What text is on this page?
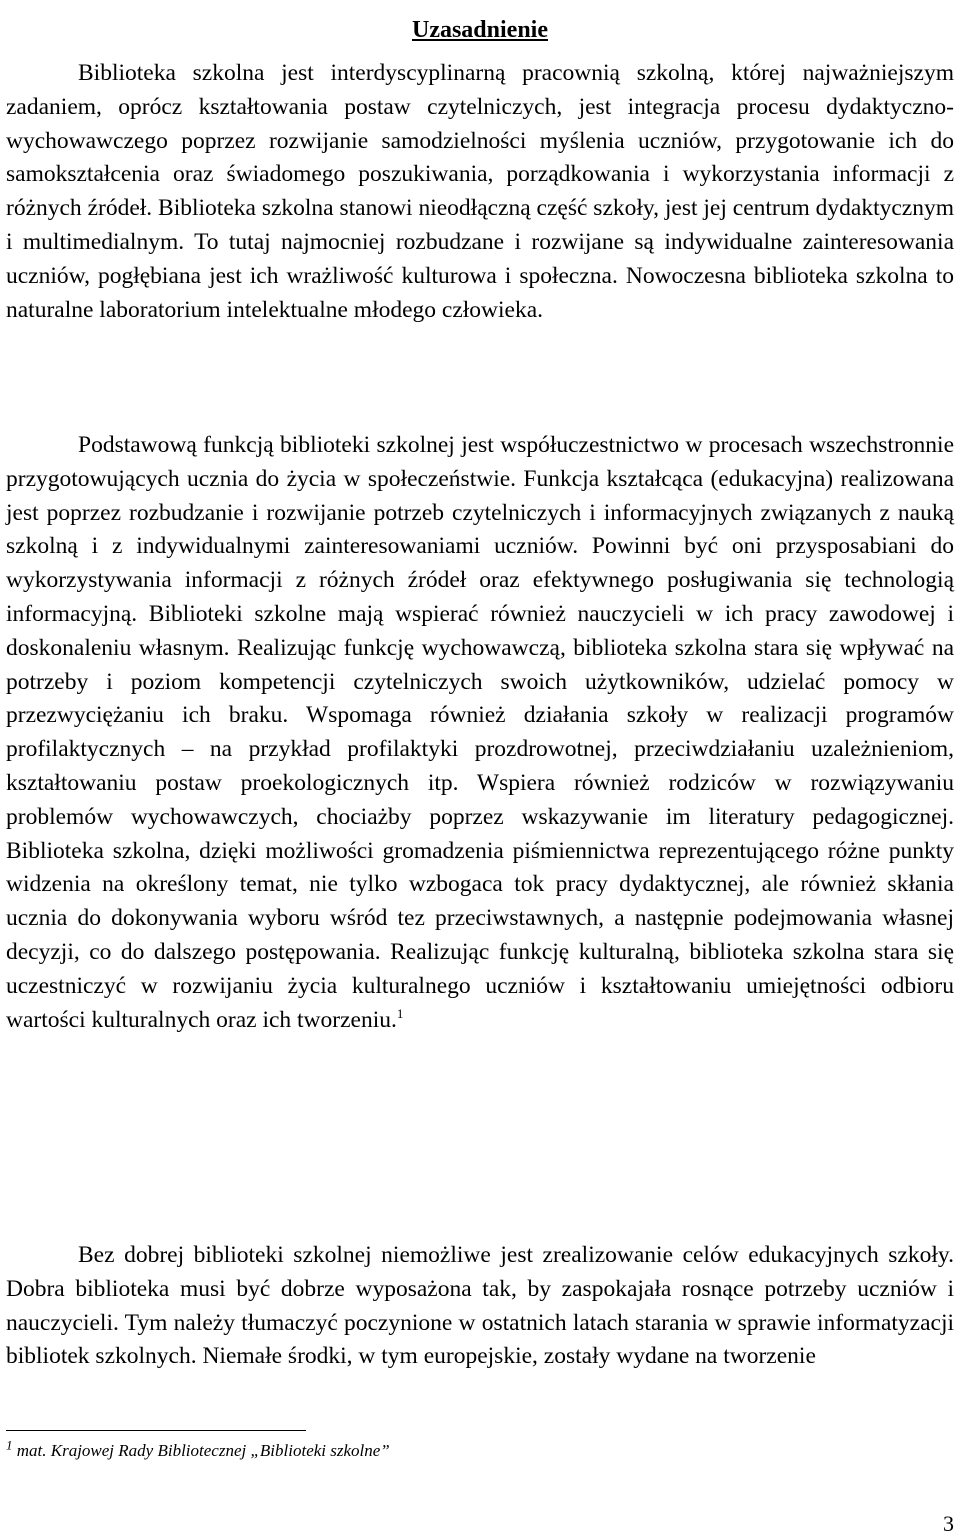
Uzasadnienie

Biblioteka szkolna jest interdyscyplinarną pracownią szkolną, której najważniejszym zadaniem, oprócz kształtowania postaw czytelniczych, jest integracja procesu dydaktyczno-wychowawczego poprzez rozwijanie samodzielności myślenia uczniów, przygotowanie ich do samokształcenia oraz świadomego poszukiwania, porządkowania i wykorzystania informacji z różnych źródeł. Biblioteka szkolna stanowi nieodłączną część szkoły, jest jej centrum dydaktycznym i multimedialnym. To tutaj najmocniej rozbudzane i rozwijane są indywidualne zainteresowania uczniów, pogłębiana jest ich wrażliwość kulturowa i społeczna. Nowoczesna biblioteka szkolna to naturalne laboratorium intelektualne młodego człowieka.

Podstawową funkcją biblioteki szkolnej jest współuczestnictwo w procesach wszechstronnie przygotowujących ucznia do życia w społeczeństwie. Funkcja kształcąca (edukacyjna) realizowana jest poprzez rozbudzanie i rozwijanie potrzeb czytelniczych i informacyjnych związanych z nauką szkolną i z indywidualnymi zainteresowaniami uczniów. Powinni być oni przysposabiani do wykorzystywania informacji z różnych źródeł oraz efektywnego posługiwania się technologią informacyjną. Biblioteki szkolne mają wspierać również nauczycieli w ich pracy zawodowej i doskonaleniu własnym. Realizując funkcję wychowawczą, biblioteka szkolna stara się wpływać na potrzeby i poziom kompetencji czytelniczych swoich użytkowników, udzielać pomocy w przezwyciężaniu ich braku. Wspomaga również działania szkoły w realizacji programów profilaktycznych – na przykład profilaktyki prozdrowotnej, przeciwdziałaniu uzależnieniom, kształtowaniu postaw proekologicznych itp. Wspiera również rodziców w rozwiązywaniu problemów wychowawczych, chociażby poprzez wskazywanie im literatury pedagogicznej. Biblioteka szkolna, dzięki możliwości gromadzenia piśmiennictwa reprezentującego różne punkty widzenia na określony temat, nie tylko wzbogaca tok pracy dydaktycznej, ale również skłania ucznia do dokonywania wyboru wśród tez przeciwstawnych, a następnie podejmowania własnej decyzji, co do dalszego postępowania. Realizując funkcję kulturalną, biblioteka szkolna stara się uczestniczyć w rozwijaniu życia kulturalnego uczniów i kształtowaniu umiejętności odbioru wartości kulturalnych oraz ich tworzeniu.$^1$

Bez dobrej biblioteki szkolnej niemożliwe jest zrealizowanie celów edukacyjnych szkoły. Dobra biblioteka musi być dobrze wyposażona tak, by zaspokajała rosnące potrzeby uczniów i nauczycieli. Tym należy tłumaczyć poczynione w ostatnich latach starania w sprawie informatyzacji bibliotek szkolnych. Niemałe środki, w tym europejskie, zostały wydane na tworzenie

$^1$ mat. Krajowej Rady Bibliotecznej „Biblioteki szkolne”

3
